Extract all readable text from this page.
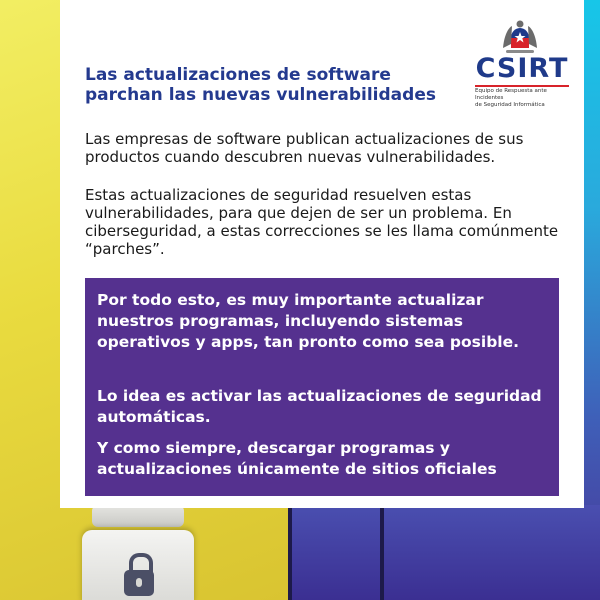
Las actualizaciones de software
parchan las nuevas vulnerabilidades
CSIRT
Equipo de Respuesta ante Incidentes
de Seguridad Informática

Las empresas de software publican actualizaciones de sus productos cuando descubren nuevas vulnerabilidades.

Estas actualizaciones de seguridad resuelven estas vulnerabilidades, para que dejen de ser un problema. En ciberseguridad, a estas correcciones se les llama comúnmente “parches”.

Por todo esto, es muy importante actualizar nuestros programas, incluyendo sistemas operativos y apps, tan pronto como sea posible.

Lo idea es activar las actualizaciones de seguridad automáticas.

Y como siempre, descargar programas y actualizaciones únicamente de sitios oficiales
